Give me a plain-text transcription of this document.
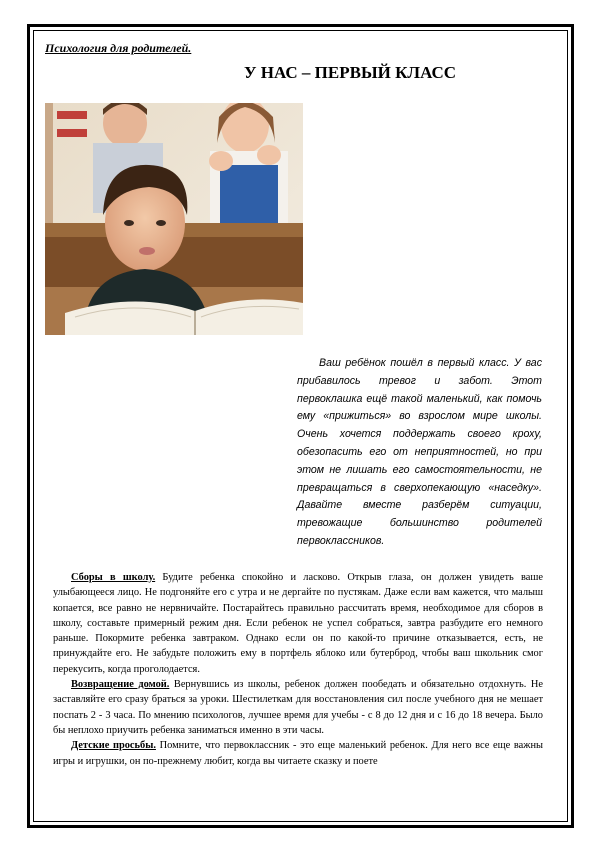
Психология для родителей.
У НАС – ПЕРВЫЙ КЛАСС
Ваш ребёнок пошёл в первый класс. У вас прибавилось тревог и забот. Этот первоклашка ещё такой маленький, как помочь ему «прижиться» во взрослом мире школы. Очень хочется поддержать своего кроху, обезопасить его от неприятностей, но при этом не лишать его самостоятельности, не превращаться в сверхопекающую «наседку». Давайте вместе разберём ситуации, тревожащие большинство родителей первоклассников.

Сборы в школу. Будите ребенка спокойно и ласково. Открыв глаза, он должен увидеть ваше улыбающееся лицо. Не подгоняйте его с утра и не дергайте по пустякам. Даже если вам кажется, что малыш копается, все равно не нервничайте. Постарайтесь правильно рассчитать время, необходимое для сборов в школу, составьте примерный режим дня. Если ребенок не успел собраться, завтра разбудите его немного раньше. Покормите ребенка завтраком. Однако если он по какой-то причине отказывается, есть, не принуждайте его. Не забудьте положить ему в портфель яблоко или бутерброд, чтобы ваш школьник смог перекусить, когда проголодается.

Возвращение домой. Вернувшись из школы, ребенок должен пообедать и обязательно отдохнуть. Не заставляйте его сразу браться за уроки. Шестилеткам для восстановления сил после учебного дня не мешает поспать 2 - 3 часа. По мнению психологов, лучшее время для учебы - с 8 до 12 дня и с 16 до 18 вечера. Было бы неплохо приучить ребенка заниматься именно в эти часы.

Детские просьбы. Помните, что первоклассник - это еще маленький ребенок. Для него все еще важны игры и игрушки, он по-прежнему любит, когда вы читаете сказку и поете
